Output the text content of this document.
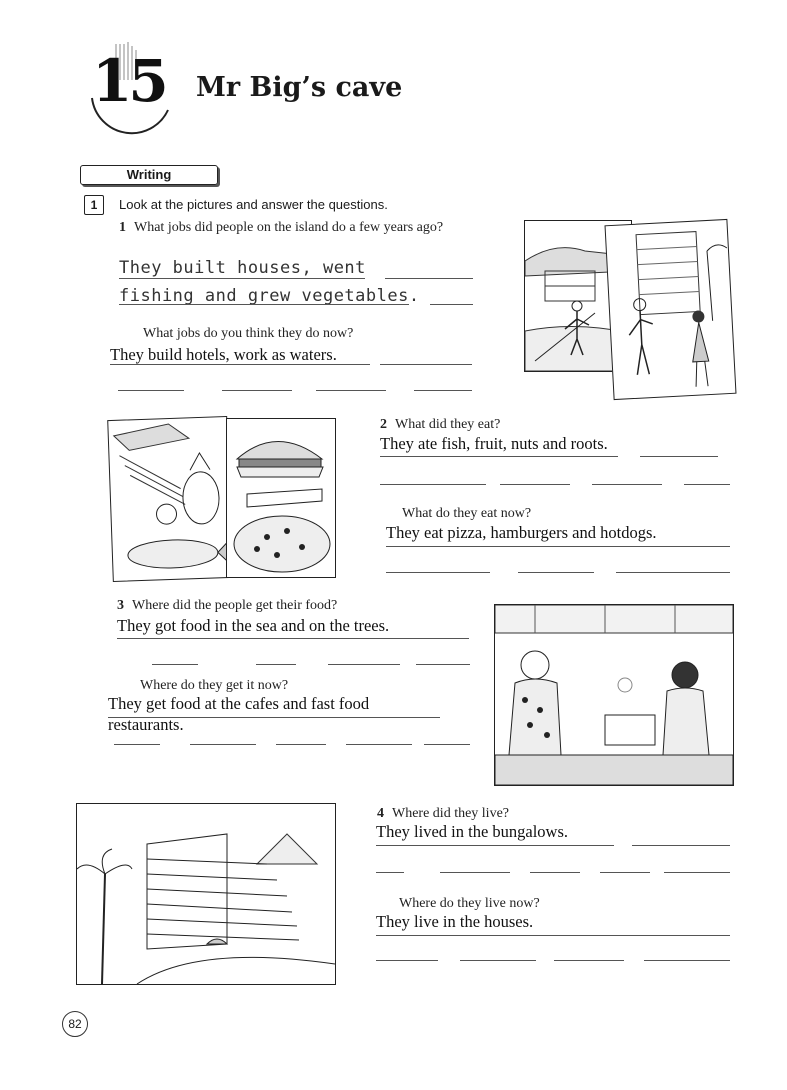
15 Mr Big’s cave
Writing
1	Look at the pictures and answer the questions.
1 What jobs did people on the island do a few years ago?
They built houses, went
fishing and grew vegetables.
What jobs do you think they do now?
They build hotels, work as waters.
2 What did they eat?
They ate fish, fruit, nuts and roots.
What do they eat now?
They eat pizza, hamburgers and hotdogs.
3 Where did the people get their food?
They got food in the sea and on the trees.
Where do they get it now?
They get food at the cafes and fast food
restaurants.
4 Where did they live?
They lived in the bungalows.
Where do they live now?
They live in the houses.
82
